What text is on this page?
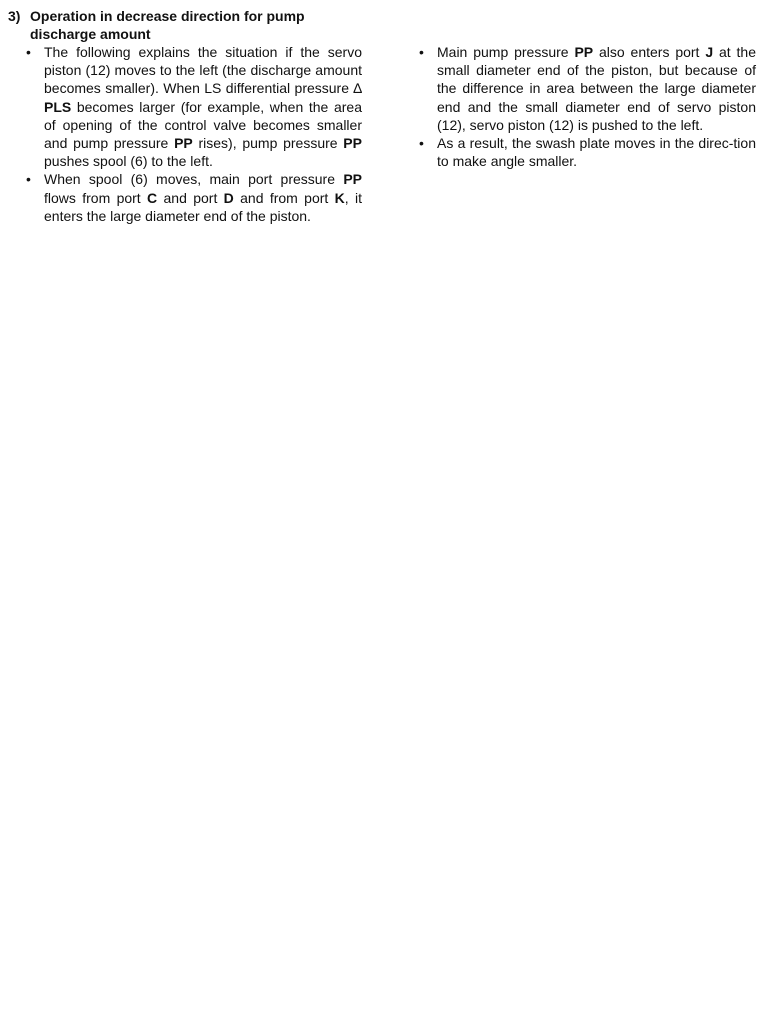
3) Operation in decrease direction for pump discharge amount
• The following explains the situation if the servo piston (12) moves to the left (the discharge amount becomes smaller). When LS differential pressure ∆ PLS becomes larger (for example, when the area of opening of the control valve becomes smaller and pump pressure PP rises), pump pressure PP pushes spool (6) to the left.
• When spool (6) moves, main port pressure PP flows from port C and port D and from port K, it enters the large diameter end of the piston.
• Main pump pressure PP also enters port J at the small diameter end of the piston, but because of the difference in area between the large diameter end and the small diameter end of servo piston (12), servo piston (12) is pushed to the left.
• As a result, the swash plate moves in the direc-tion to make angle smaller.
